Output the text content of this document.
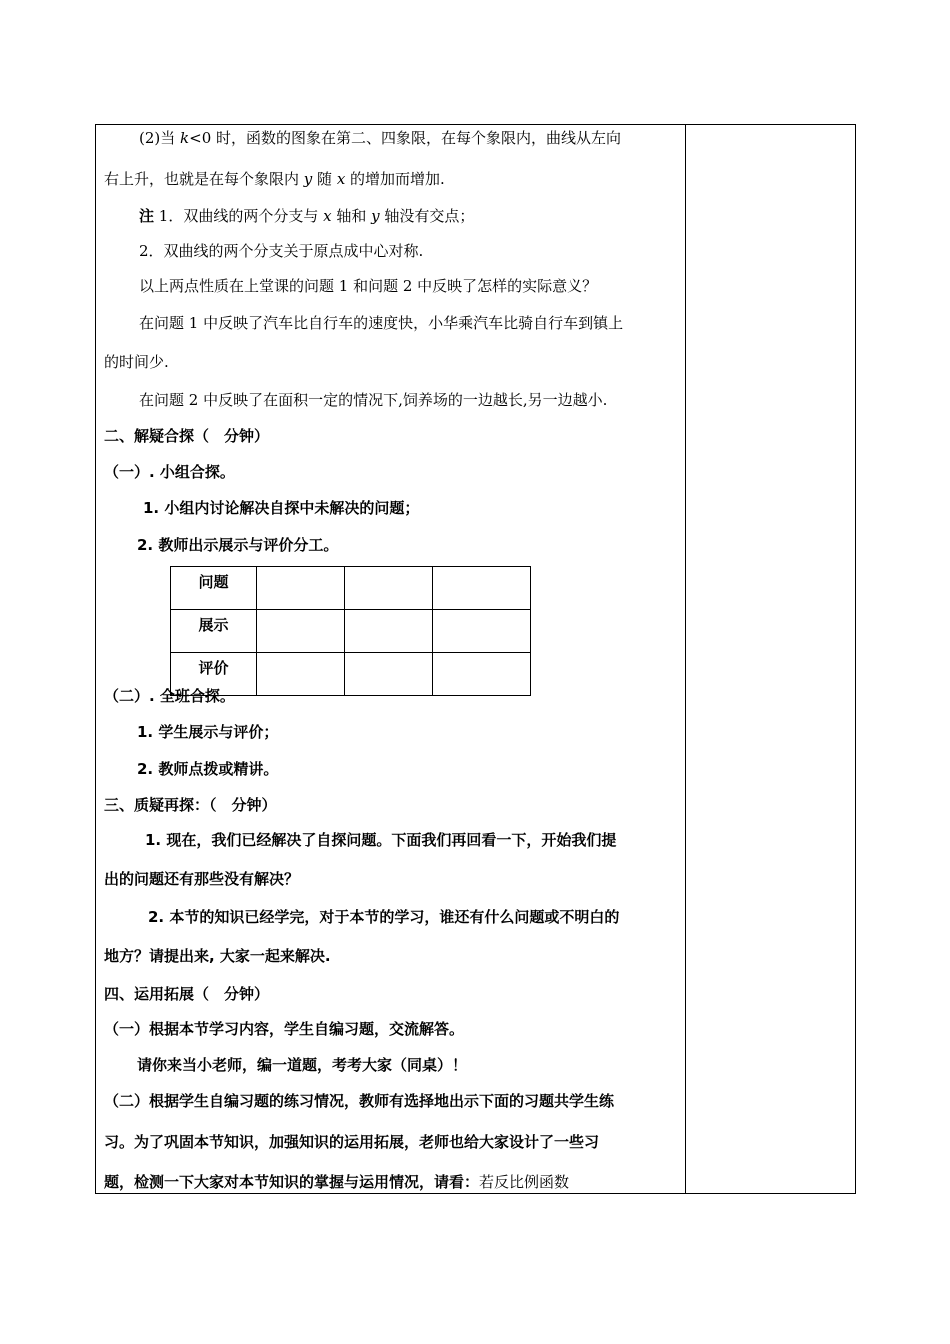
(2)当 k<0 时，函数的图象在第二、四象限，在每个象限内，曲线从左向
右上升，也就是在每个象限内 y 随 x 的增加而增加.
注 1．双曲线的两个分支与 x 轴和 y 轴没有交点；
2．双曲线的两个分支关于原点成中心对称.
以上两点性质在上堂课的问题 1 和问题 2 中反映了怎样的实际意义？
在问题 1 中反映了汽车比自行车的速度快，小华乘汽车比骑自行车到镇上
的时间少.
在问题 2 中反映了在面积一定的情况下,饲养场的一边越长,另一边越小.
二、解疑合探（　分钟）
（一）. 小组合探。
1. 小组内讨论解决自探中未解决的问题；
2. 教师出示展示与评价分工。
问题			
展示			
评价			
（二）. 全班合探。
1. 学生展示与评价；
2. 教师点拨或精讲。
三、质疑再探：（　分钟）
1. 现在，我们已经解决了自探问题。下面我们再回看一下，开始我们提
出的问题还有那些没有解决？
2. 本节的知识已经学完，对于本节的学习，谁还有什么问题或不明白的
地方？请提出来, 大家一起来解决.
四、运用拓展（　分钟）
（一）根据本节学习内容，学生自编习题，交流解答。
请你来当小老师，编一道题，考考大家（同桌）！
（二）根据学生自编习题的练习情况，教师有选择地出示下面的习题共学生练
习。为了巩固本节知识，加强知识的运用拓展，老师也给大家设计了一些习
题，检测一下大家对本节知识的掌握与运用情况，请看：若反比例函数
